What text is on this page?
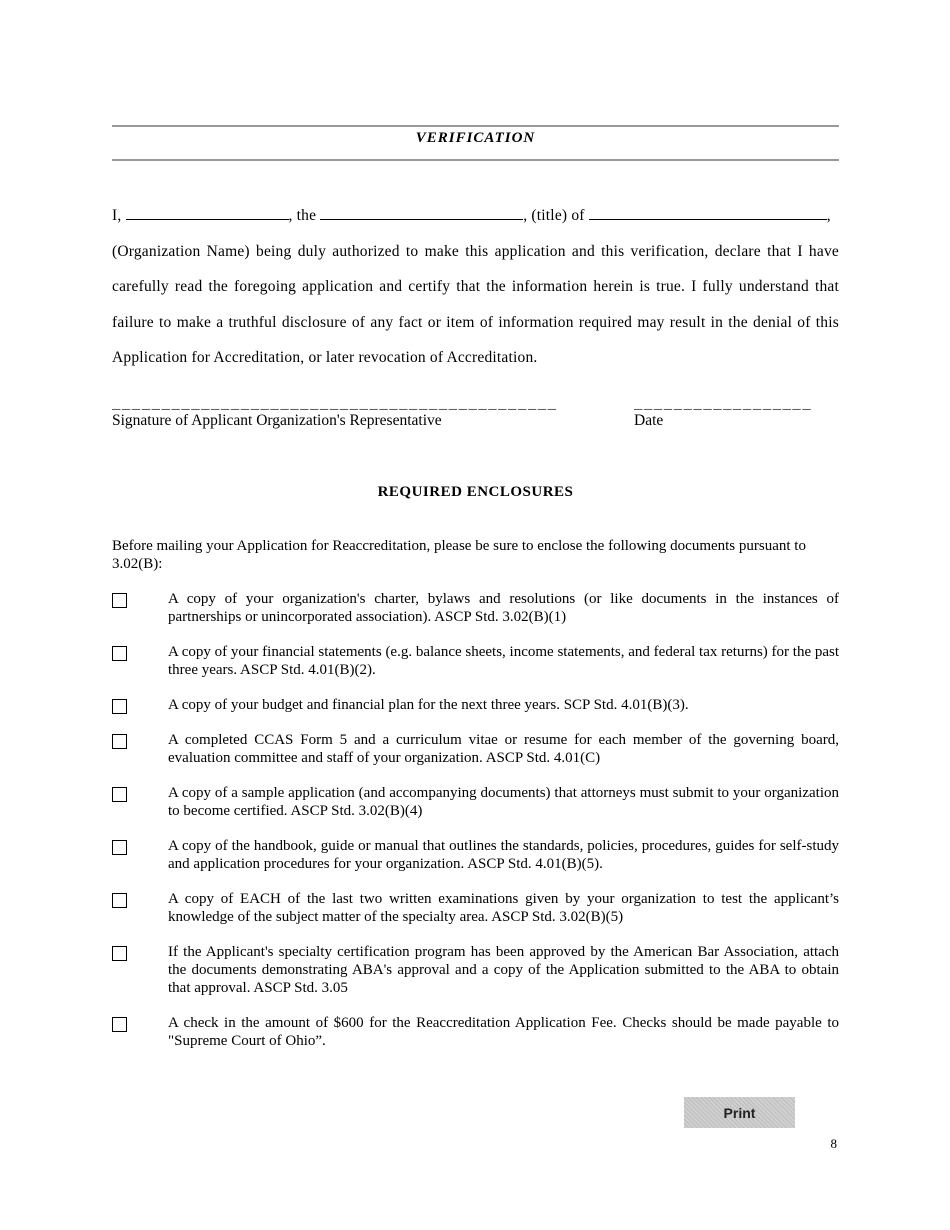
VERIFICATION

I,	, the	, (title) of	,

(Organization Name) being duly authorized to make this application and this verification, declare that I have carefully read the foregoing application and certify that the information herein is true. I fully understand that failure to make a truthful disclosure of any fact or item of information required may result in the denial of this Application for Accreditation, or later revocation of Accreditation.

_____________________________________________	__________________
Signature of Applicant Organization's Representative	Date
REQUIRED ENCLOSURES
Before mailing your Application for Reaccreditation, please be sure to enclose the following documents pursuant to 3.02(B):
A copy of your organization's charter, bylaws and resolutions (or like documents in the instances of partnerships or unincorporated association). ASCP Std. 3.02(B)(1)
A copy of your financial statements (e.g. balance sheets, income statements, and federal tax returns) for the past three years. ASCP Std. 4.01(B)(2).
A copy of your budget and financial plan for the next three years. SCP Std. 4.01(B)(3).
A completed CCAS Form 5 and a curriculum vitae or resume for each member of the governing board, evaluation committee and staff of your organization. ASCP Std. 4.01(C)
A copy of a sample application (and accompanying documents) that attorneys must submit to your organization to become certified. ASCP Std. 3.02(B)(4)
A copy of the handbook, guide or manual that outlines the standards, policies, procedures, guides for self-study and application procedures for your organization. ASCP Std. 4.01(B)(5).
A copy of EACH of the last two written examinations given by your organization to test the applicant’s knowledge of the subject matter of the specialty area. ASCP Std. 3.02(B)(5)
If the Applicant's specialty certification program has been approved by the American Bar Association, attach the documents demonstrating ABA's approval and a copy of the Application submitted to the ABA to obtain that approval. ASCP Std. 3.05
A check in the amount of $600 for the Reaccreditation Application Fee. Checks should be made payable to "Supreme Court of Ohio”.
Print
8
